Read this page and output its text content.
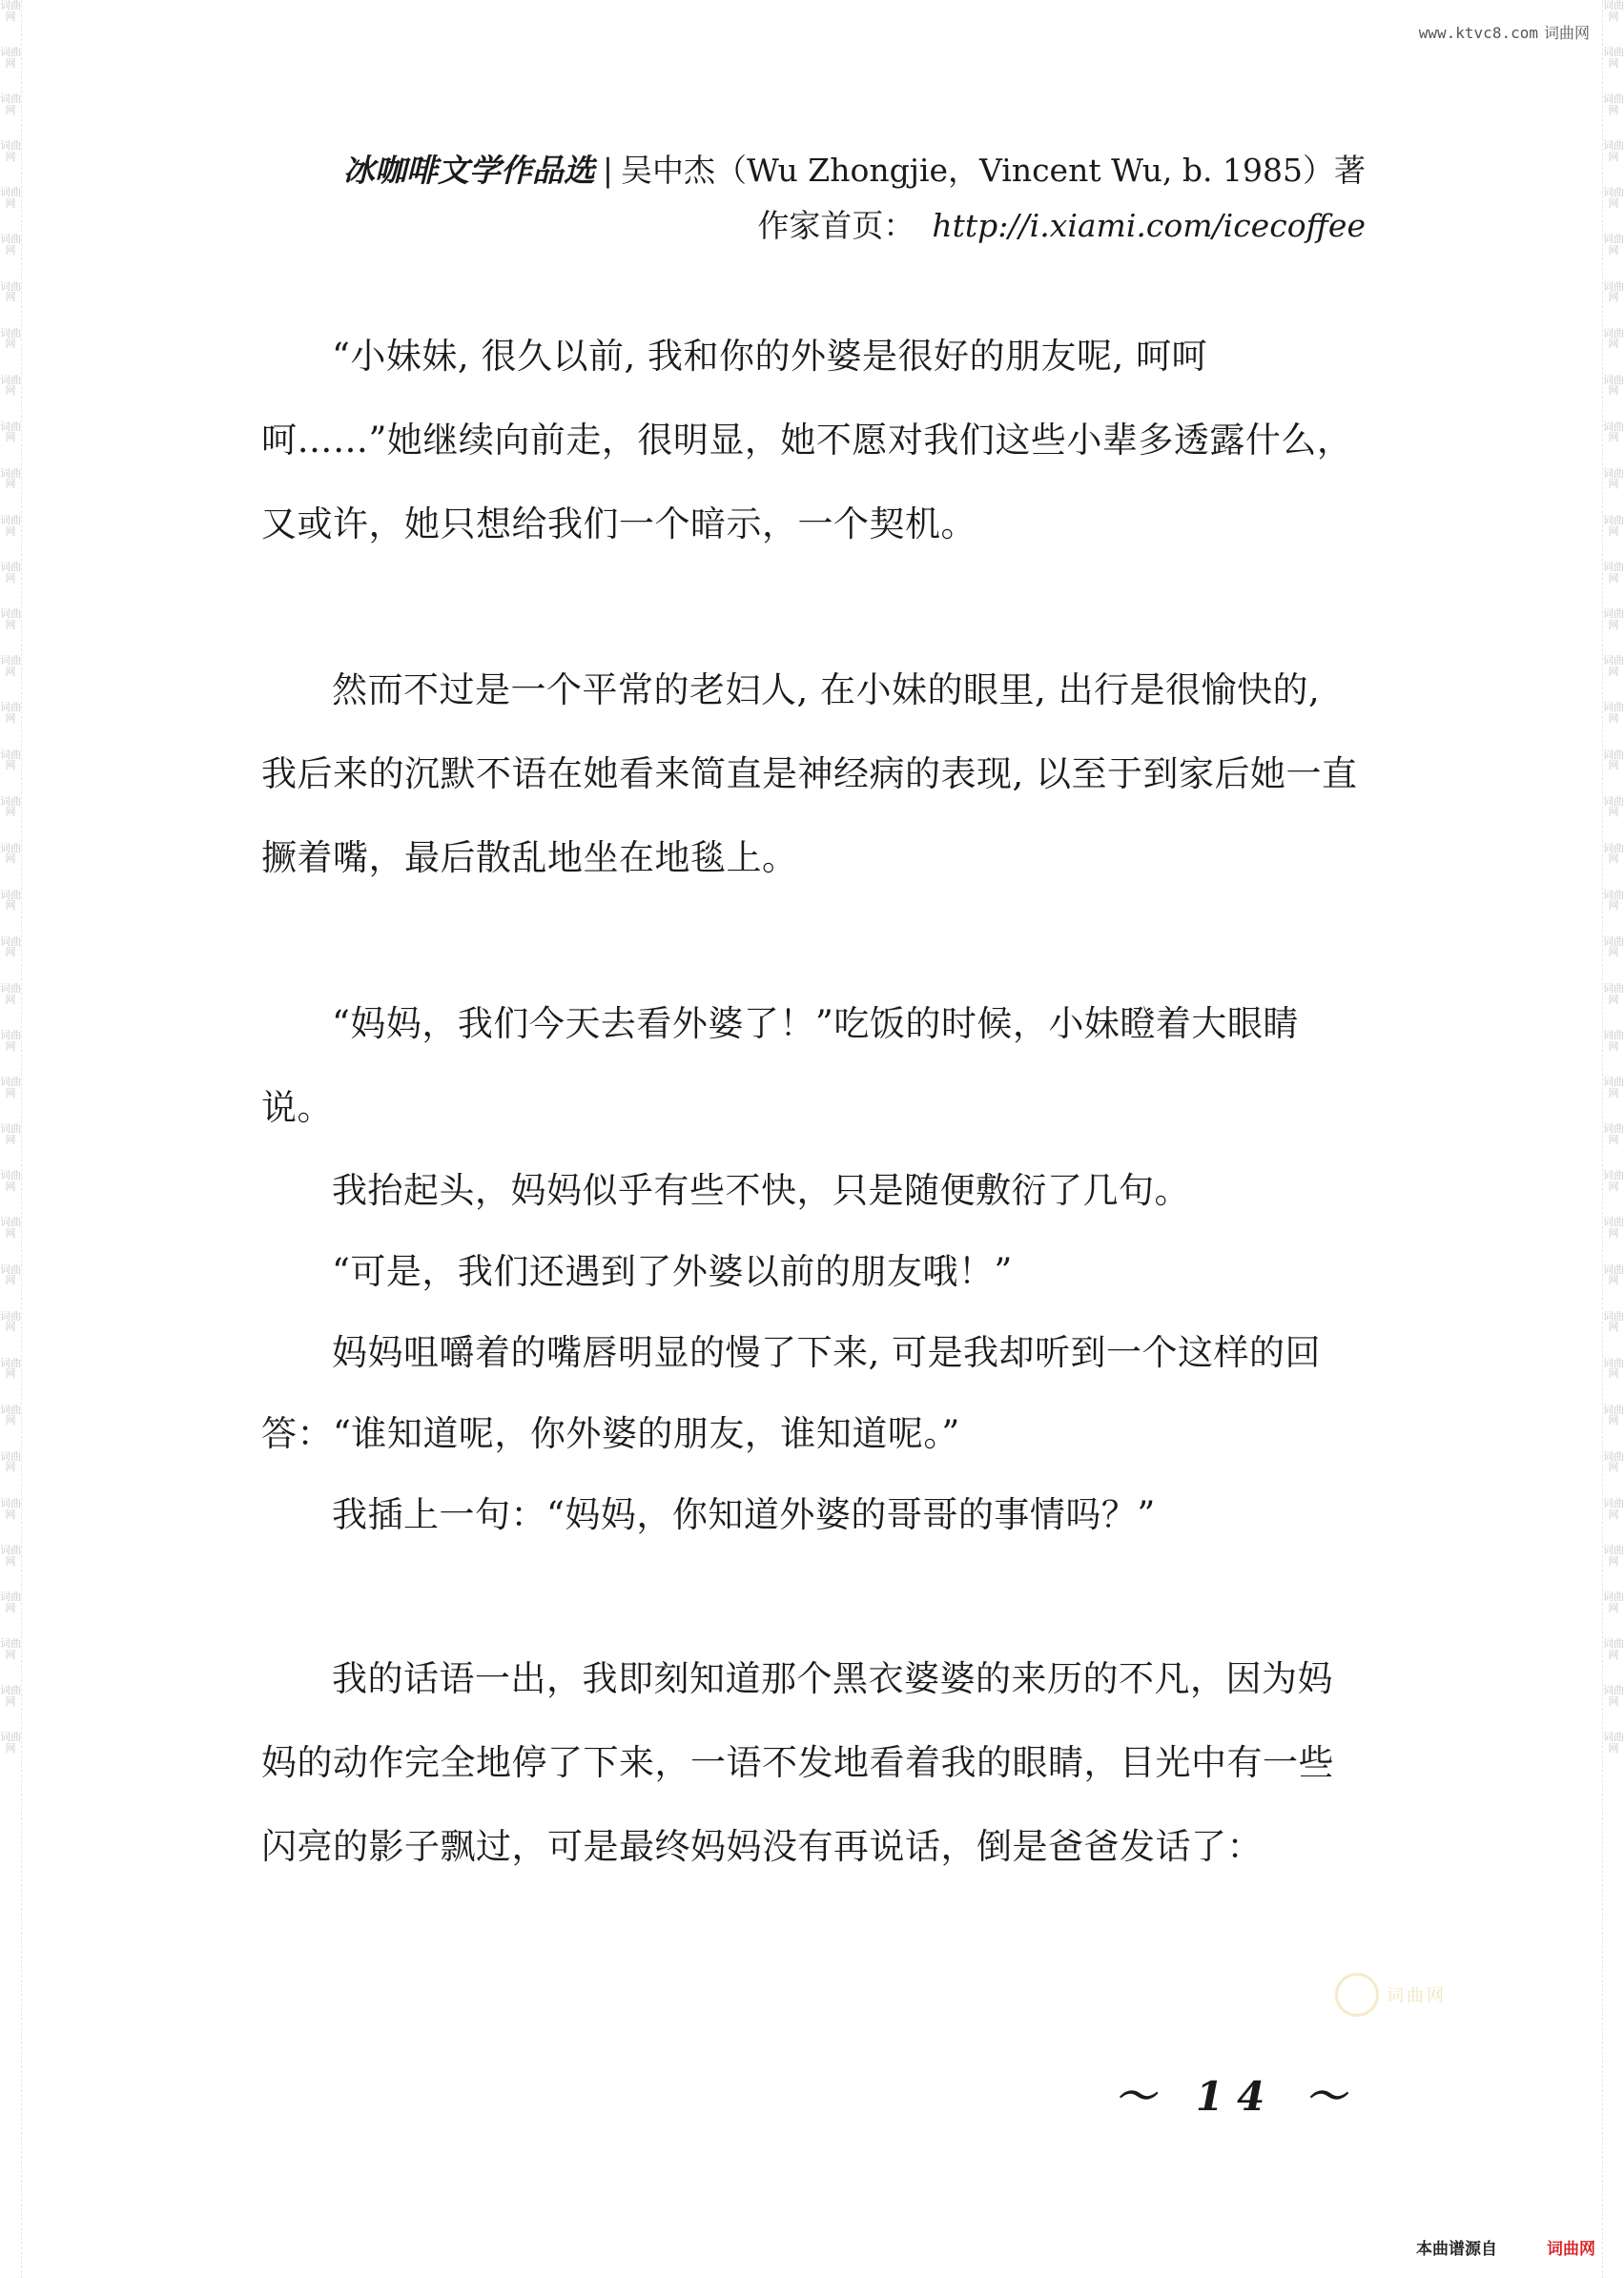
词曲网
词曲网
词曲网
词曲网
词曲网
词曲网
词曲网
词曲网
词曲网
词曲网
词曲网
词曲网
词曲网
词曲网
词曲网
词曲网
词曲网
词曲网
词曲网
词曲网
词曲网
词曲网
词曲网
词曲网
词曲网
词曲网
词曲网
词曲网
词曲网
词曲网
词曲网
词曲网
词曲网
词曲网
词曲网
词曲网
词曲网
词曲网
词曲网
词曲网
词曲网
词曲网
词曲网
词曲网
词曲网
词曲网
词曲网
词曲网
词曲网
词曲网
词曲网
词曲网
词曲网
词曲网
词曲网
词曲网
词曲网
词曲网
词曲网
词曲网
词曲网
词曲网
词曲网
词曲网
词曲网
词曲网
词曲网
词曲网
词曲网
词曲网
词曲网
词曲网
词曲网
词曲网
词曲网
词曲网
www.ktvc8.com 词曲网
冰咖啡文学作品选 | 吴中杰（Wu Zhongjie，Vincent Wu, b. 1985）著
作家首页： http://i.xiami.com/icecoffee

“小妹妹, 很久以前, 我和你的外婆是很好的朋友呢, 呵呵呵……”她继续向前走，很明显，她不愿对我们这些小辈多透露什么，又或许，她只想给我们一个暗示，一个契机。

然而不过是一个平常的老妇人, 在小妹的眼里, 出行是很愉快的, 我后来的沉默不语在她看来简直是神经病的表现, 以至于到家后她一直撅着嘴，最后散乱地坐在地毯上。

“妈妈，我们今天去看外婆了！”吃饭的时候，小妹瞪着大眼睛说。

我抬起头，妈妈似乎有些不快，只是随便敷衍了几句。

“可是，我们还遇到了外婆以前的朋友哦！”

妈妈咀嚼着的嘴唇明显的慢了下来, 可是我却听到一个这样的回答：“谁知道呢，你外婆的朋友，谁知道呢。”

我插上一句：“妈妈，你知道外婆的哥哥的事情吗？”

我的话语一出，我即刻知道那个黑衣婆婆的来历的不凡，因为妈妈的动作完全地停了下来，一语不发地看着我的眼睛，目光中有一些闪亮的影子飘过，可是最终妈妈没有再说话，倒是爸爸发话了：

词曲网
～ 14 ～
本曲谱源自	词曲网
